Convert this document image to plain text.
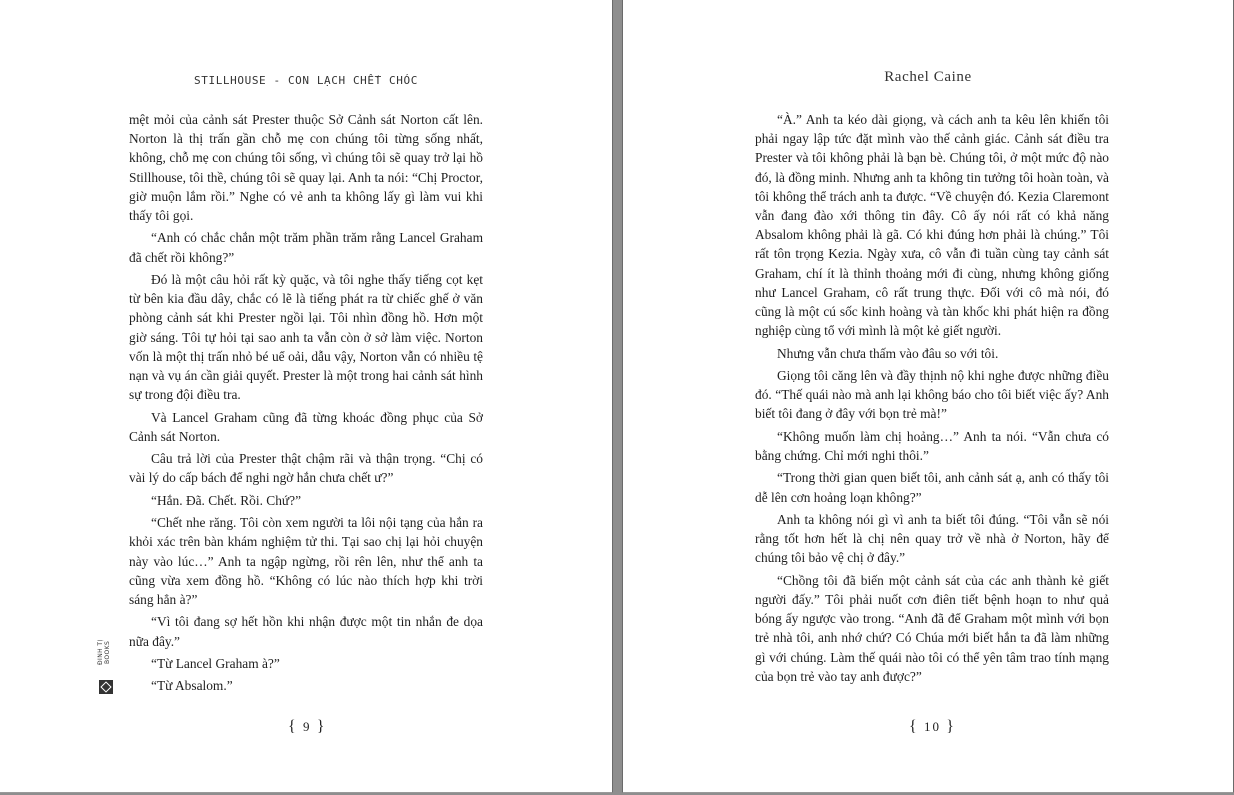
STILLHOUSE - CON LẠCH CHẾT CHÓC

mệt mỏi của cảnh sát Prester thuộc Sở Cảnh sát Norton cất lên. Norton là thị trấn gần chỗ mẹ con chúng tôi từng sống nhất, không, chỗ mẹ con chúng tôi sống, vì chúng tôi sẽ quay trở lại hồ Stillhouse, tôi thề, chúng tôi sẽ quay lại. Anh ta nói: “Chị Proctor, giờ muộn lắm rồi.” Nghe có vẻ anh ta không lấy gì làm vui khi thấy tôi gọi.

“Anh có chắc chắn một trăm phần trăm rằng Lancel Graham đã chết rồi không?”

Đó là một câu hỏi rất kỳ quặc, và tôi nghe thấy tiếng cọt kẹt từ bên kia đầu dây, chắc có lẽ là tiếng phát ra từ chiếc ghế ở văn phòng cảnh sát khi Prester ngồi lại. Tôi nhìn đồng hồ. Hơn một giờ sáng. Tôi tự hỏi tại sao anh ta vẫn còn ở sở làm việc. Norton vốn là một thị trấn nhỏ bé uể oải, dẫu vậy, Norton vẫn có nhiều tệ nạn và vụ án cần giải quyết. Prester là một trong hai cảnh sát hình sự trong đội điều tra.

Và Lancel Graham cũng đã từng khoác đồng phục của Sở Cảnh sát Norton.

Câu trả lời của Prester thật chậm rãi và thận trọng. “Chị có vài lý do cấp bách để nghi ngờ hắn chưa chết ư?”

“Hắn. Đã. Chết. Rồi. Chứ?”

“Chết nhe răng. Tôi còn xem người ta lôi nội tạng của hắn ra khỏi xác trên bàn khám nghiệm tử thi. Tại sao chị lại hỏi chuyện này vào lúc…” Anh ta ngập ngừng, rồi rên lên, như thể anh ta cũng vừa xem đồng hồ. “Không có lúc nào thích hợp khi trời sáng hẳn à?”

“Vì tôi đang sợ hết hồn khi nhận được một tin nhắn đe dọa nữa đây.”

“Từ Lancel Graham à?”

“Từ Absalom.”

ĐINH TỊ BOOKS
{ 9 }
Rachel Caine

“À.” Anh ta kéo dài giọng, và cách anh ta kêu lên khiến tôi phải ngay lập tức đặt mình vào thế cảnh giác. Cảnh sát điều tra Prester và tôi không phải là bạn bè. Chúng tôi, ở một mức độ nào đó, là đồng minh. Nhưng anh ta không tin tưởng tôi hoàn toàn, và tôi không thể trách anh ta được. “Về chuyện đó. Kezia Claremont vẫn đang đào xới thông tin đây. Cô ấy nói rất có khả năng Absalom không phải là gã. Có khi đúng hơn phải là chúng.” Tôi rất tôn trọng Kezia. Ngày xưa, cô vẫn đi tuần cùng tay cảnh sát Graham, chí ít là thỉnh thoảng mới đi cùng, nhưng không giống như Lancel Graham, cô rất trung thực. Đối với cô mà nói, đó cũng là một cú sốc kinh hoàng và tàn khốc khi phát hiện ra đồng nghiệp cùng tổ với mình là một kẻ giết người.

Nhưng vẫn chưa thấm vào đâu so với tôi.

Giọng tôi căng lên và đầy thịnh nộ khi nghe được những điều đó. “Thế quái nào mà anh lại không báo cho tôi biết việc ấy? Anh biết tôi đang ở đây với bọn trẻ mà!”

“Không muốn làm chị hoảng…” Anh ta nói. “Vẫn chưa có bằng chứng. Chỉ mới nghi thôi.”

“Trong thời gian quen biết tôi, anh cảnh sát ạ, anh có thấy tôi dễ lên cơn hoảng loạn không?”

Anh ta không nói gì vì anh ta biết tôi đúng. “Tôi vẫn sẽ nói rằng tốt hơn hết là chị nên quay trở về nhà ở Norton, hãy để chúng tôi bảo vệ chị ở đây.”

“Chồng tôi đã biến một cảnh sát của các anh thành kẻ giết người đấy.” Tôi phải nuốt cơn điên tiết bệnh hoạn to như quả bóng ấy ngược vào trong. “Anh đã để Graham một mình với bọn trẻ nhà tôi, anh nhớ chứ? Có Chúa mới biết hắn ta đã làm những gì với chúng. Làm thế quái nào tôi có thể yên tâm trao tính mạng của bọn trẻ vào tay anh được?”

{ 10 }
